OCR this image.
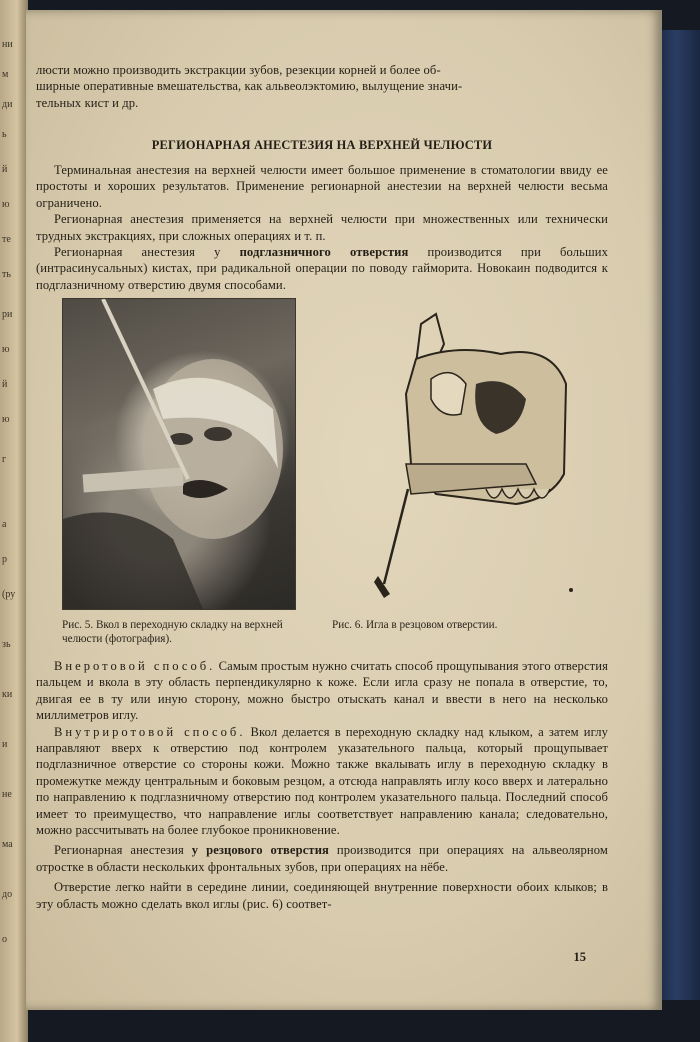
ни
м
ди
ь
й
ю
те
ть
ри
ю
й
ю
г
а
р
(ру
зь
ки
и
не
ма
до
о

люсти можно производить экстракции зубов, резекции корней и более об-

ширные оперативные вмешательства, как альвеолэктомию, вылущение значи-

тельных кист и др.

РЕГИОНАРНАЯ АНЕСТЕЗИЯ НА ВЕРХНЕЙ ЧЕЛЮСТИ

Терминальная анестезия на верхней челюсти имеет большое применение в стоматологии ввиду ее простоты и хороших результатов. Применение регионарной анестезии на верхней челюсти весьма ограничено.

Регионарная анестезия применяется на верхней челюсти при множественных или технически трудных экстракциях, при сложных операциях и т. п.

Регионарная анестезия у подглазничного отверстия производится при больших (интрасинусальных) кистах, при радикальной операции по поводу гайморита. Новокаин подводится к подглазничному отверстию двумя способами.

Рис. 5. Вкол в переходную складку на верхней челюсти (фотография).
Рис. 6. Игла в резцовом отверстии.

Внеротовой способ. Самым простым нужно считать способ прощупывания этого отверстия пальцем и вкола в эту область перпендикулярно к коже. Если игла сразу не попала в отверстие, то, двигая ее в ту или иную сторону, можно быстро отыскать канал и ввести в него на несколько миллиметров иглу.

Внутриротовой способ. Вкол делается в переходную складку над клыком, а затем иглу направляют вверх к отверстию под контролем указательного пальца, который прощупывает подглазничное отверстие со стороны кожи. Можно также вкалывать иглу в переходную складку в промежутке между центральным и боковым резцом, а отсюда направлять иглу косо вверх и латерально по направлению к подглазничному отверстию под контролем указательного пальца. Последний способ имеет то преимущество, что направление иглы соответствует направлению канала; следовательно, можно рассчитывать на более глубокое проникновение.

Регионарная анестезия у резцового отверстия производится при операциях на альвеолярном отростке в области нескольких фронтальных зубов, при операциях на нёбе.

Отверстие легко найти в середине линии, соединяющей внутренние поверхности обоих клыков; в эту область можно сделать вкол иглы (рис. 6) соответ-

15
